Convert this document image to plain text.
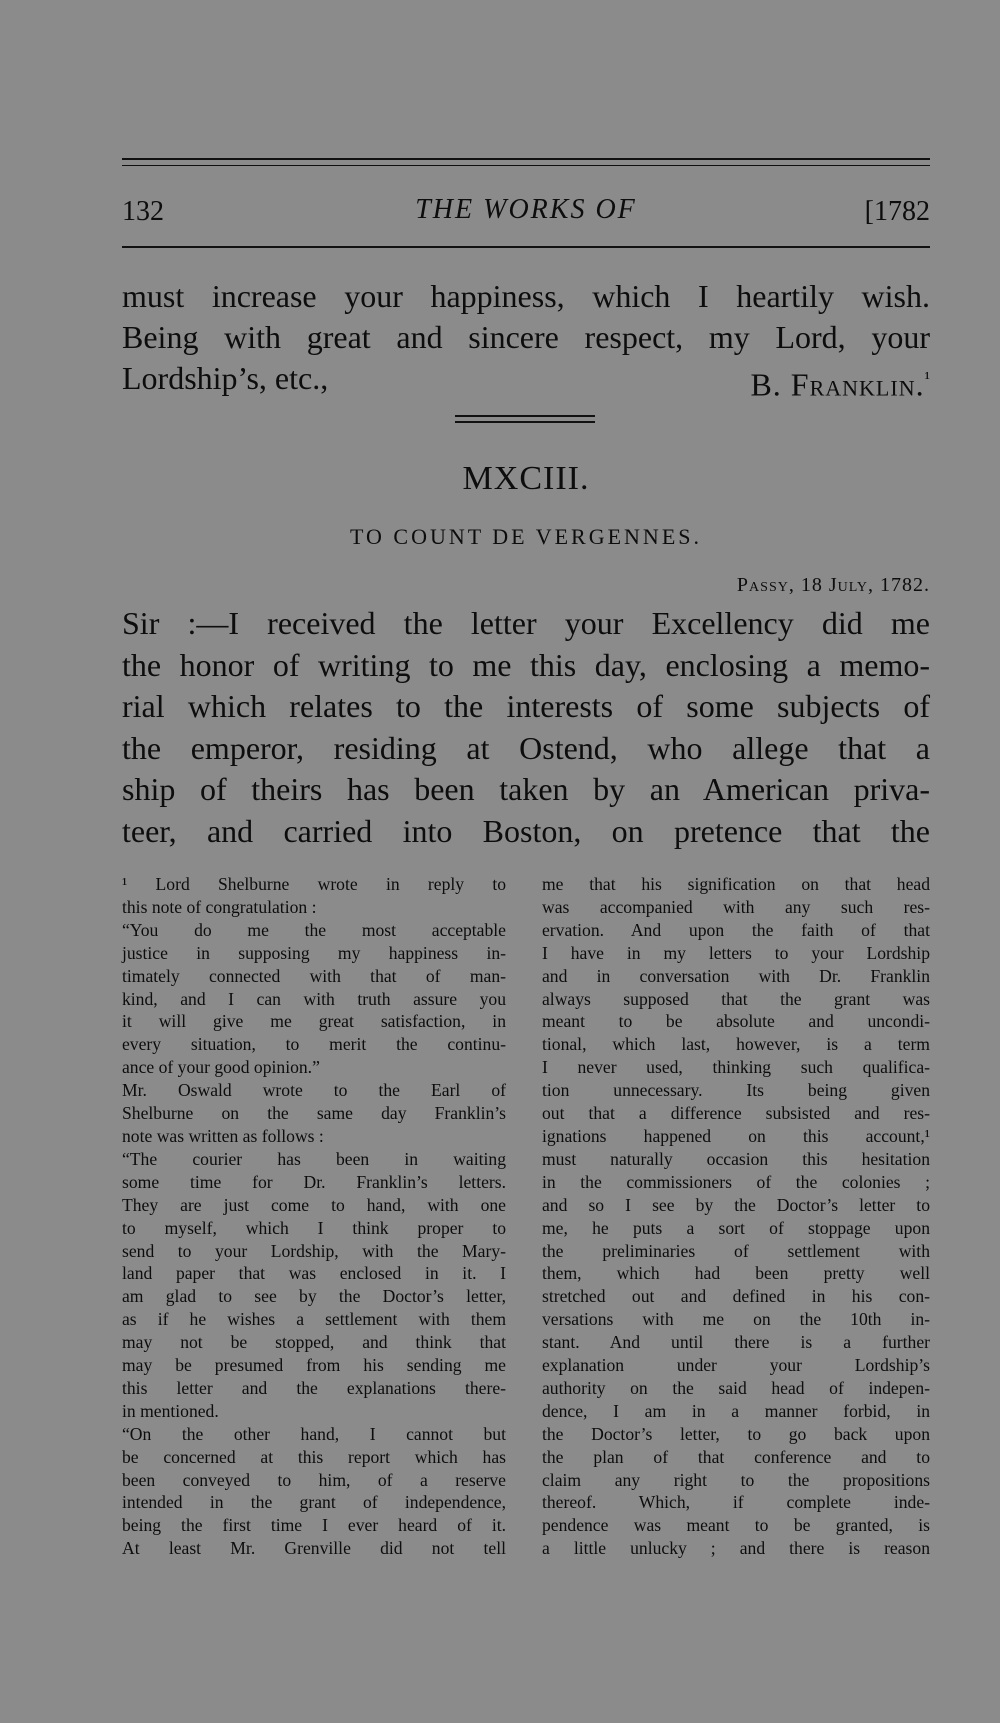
132	THE WORKS OF	[1782
must increase your happiness, which I heartily wish.
Being with great and sincere respect, my Lord, your
Lordship’s, etc.,	B. Franklin.$^{^1}$
MXCIII.
TO COUNT DE VERGENNES.
Passy, 18 July, 1782.
Sir :—I received the letter your Excellency did me
the honor of writing to me this day, enclosing a memo-
rial which relates to the interests of some subjects of
the emperor, residing at Ostend, who allege that a
ship of theirs has been taken by an American priva-
teer, and carried into Boston, on pretence that the
¹ Lord Shelburne wrote in reply to
this note of congratulation :
“You do me the most acceptable
justice in supposing my happiness in-
timately connected with that of man-
kind, and I can with truth assure you
it will give me great satisfaction, in
every situation, to merit the continu-
ance of your good opinion.”
Mr. Oswald wrote to the Earl of
Shelburne on the same day Franklin’s
note was written as follows :
“The courier has been in waiting
some time for Dr. Franklin’s letters.
They are just come to hand, with one
to myself, which I think proper to
send to your Lordship, with the Mary-
land paper that was enclosed in it. I
am glad to see by the Doctor’s letter,
as if he wishes a settlement with them
may not be stopped, and think that
may be presumed from his sending me
this letter and the explanations there-
in mentioned.
“On the other hand, I cannot but
be concerned at this report which has
been conveyed to him, of a reserve
intended in the grant of independence,
being the first time I ever heard of it.
At least Mr. Grenville did not tell
me that his signification on that head
was accompanied with any such res-
ervation. And upon the faith of that
I have in my letters to your Lordship
and in conversation with Dr. Franklin
always supposed that the grant was
meant to be absolute and uncondi-
tional, which last, however, is a term
I never used, thinking such qualifica-
tion unnecessary. Its being given
out that a difference subsisted and res-
ignations happened on this account,¹
must naturally occasion this hesitation
in the commissioners of the colonies ;
and so I see by the Doctor’s letter to
me, he puts a sort of stoppage upon
the preliminaries of settlement with
them, which had been pretty well
stretched out and defined in his con-
versations with me on the 10th in-
stant. And until there is a further
explanation under your Lordship’s
authority on the said head of indepen-
dence, I am in a manner forbid, in
the Doctor’s letter, to go back upon
the plan of that conference and to
claim any right to the propositions
thereof. Which, if complete inde-
pendence was meant to be granted, is
a little unlucky ; and there is reason
